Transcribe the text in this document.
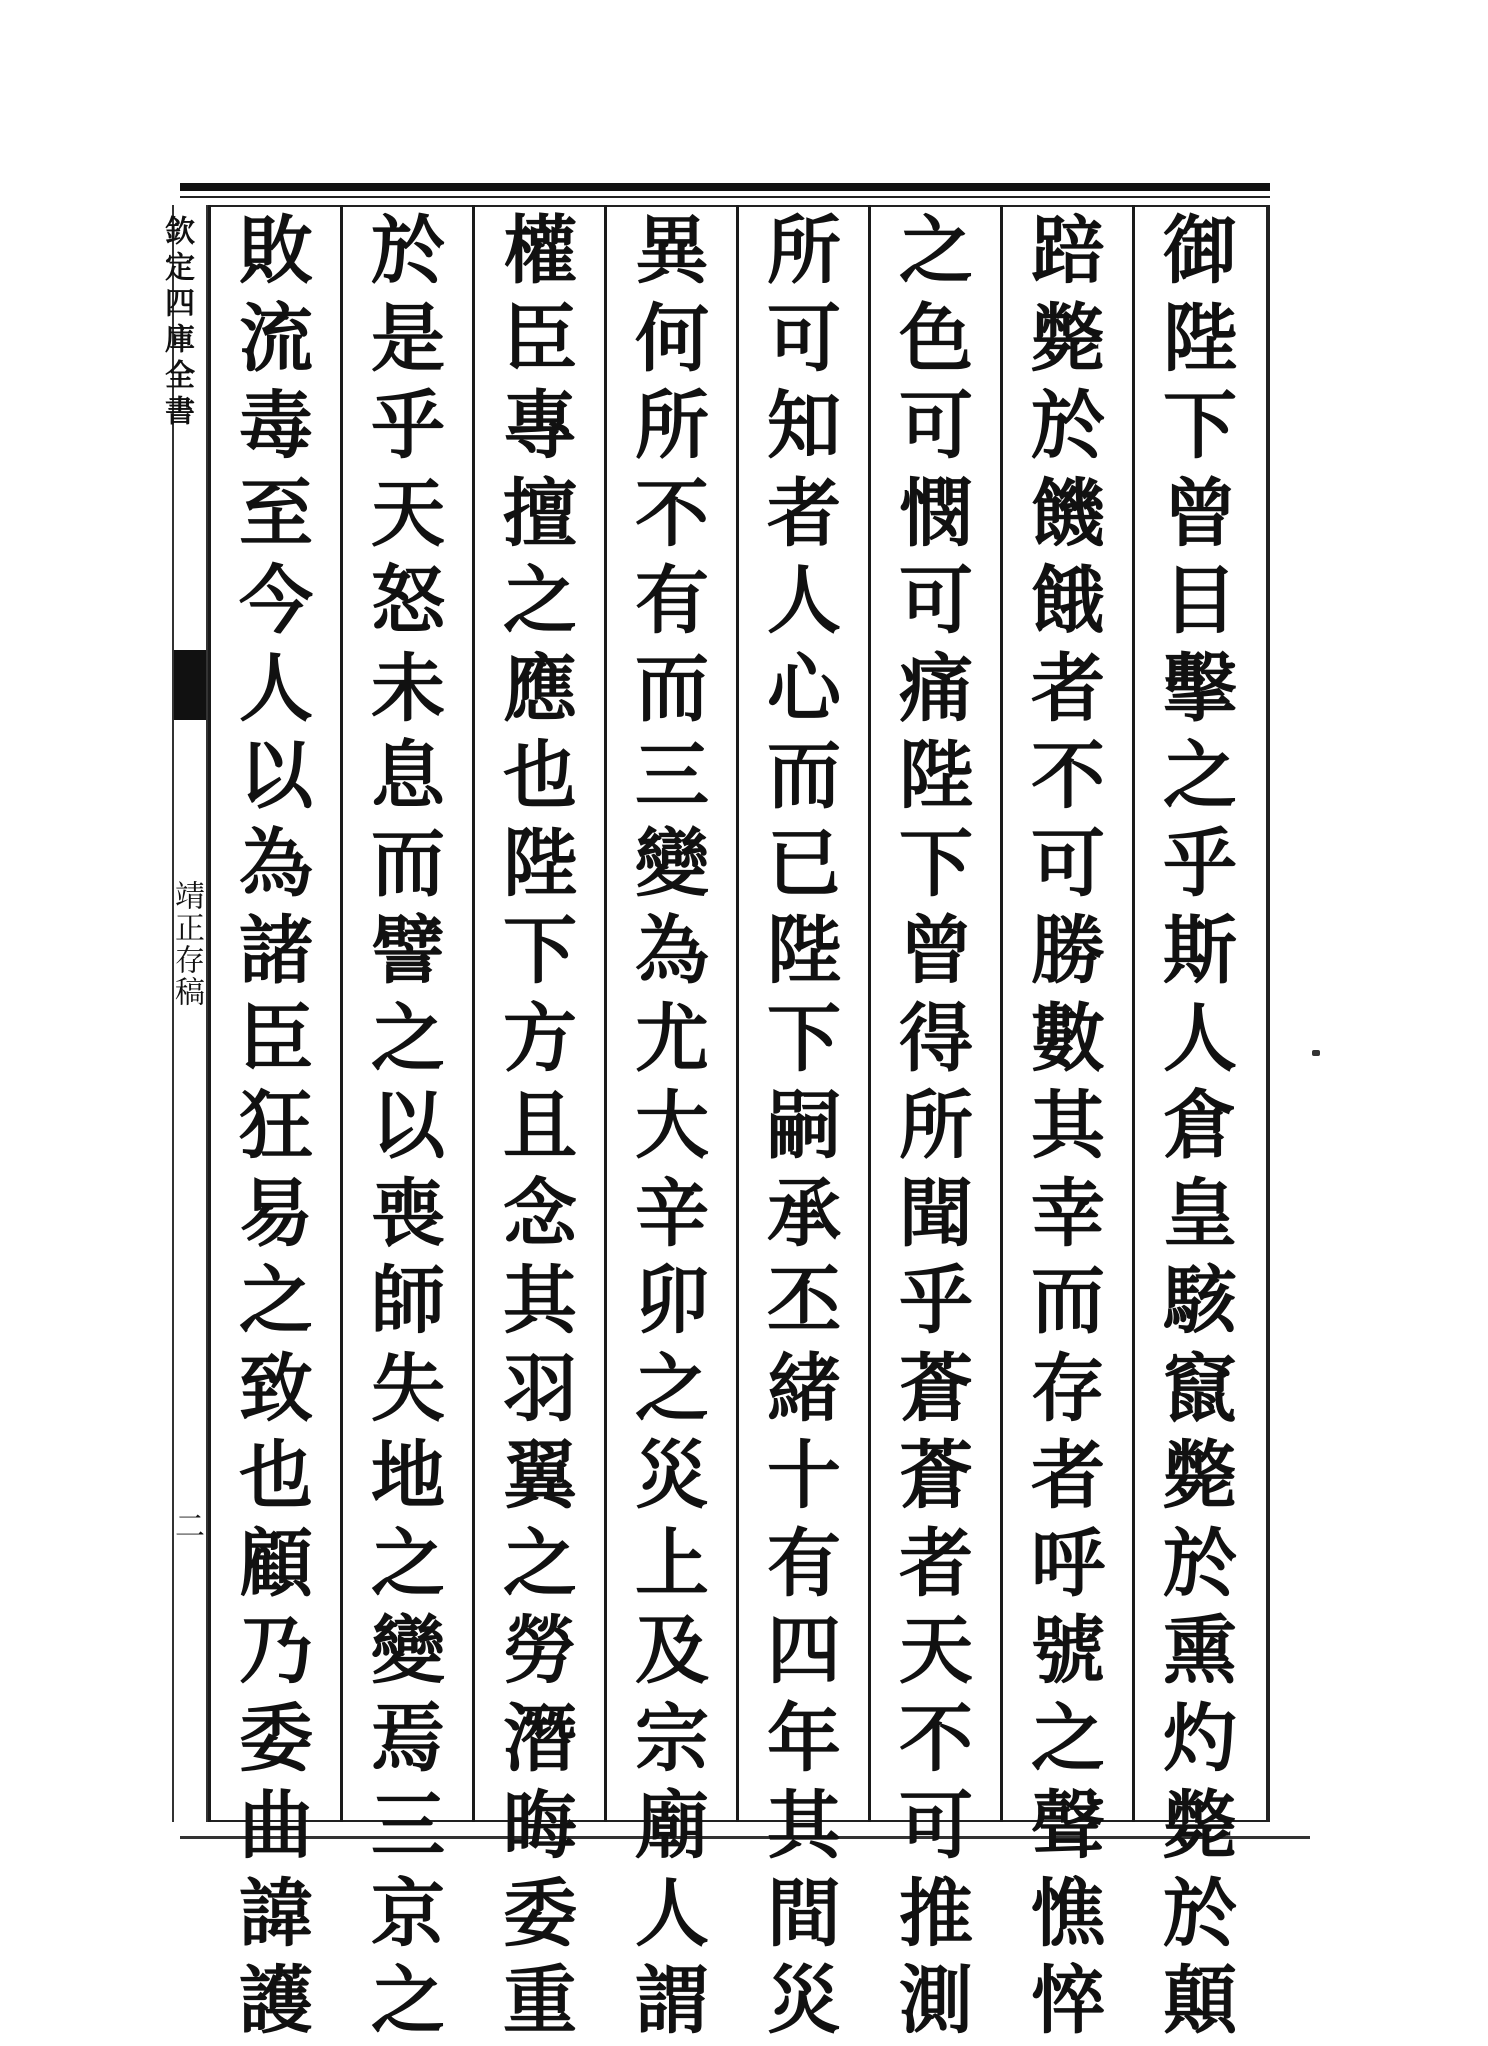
欽定四庫全書
靖正存稿
二
御
陛
下
曾
目
擊
之
乎
斯
人
倉
皇
駭
竄
斃
於
熏
灼
斃
於
顛
踣
斃
於
饑
餓
者
不
可
勝
數
其
幸
而
存
者
呼
號
之
聲
憔
悴
之
色
可
憫
可
痛
陛
下
曾
得
所
聞
乎
蒼
蒼
者
天
不
可
推
測
所
可
知
者
人
心
而
已
陛
下
嗣
承
丕
緒
十
有
四
年
其
間
災
異
何
所
不
有
而
三
變
為
尤
大
辛
卯
之
災
上
及
宗
廟
人
謂
權
臣
專
擅
之
應
也
陛
下
方
且
念
其
羽
翼
之
勞
潛
晦
委
重
於
是
乎
天
怒
未
息
而
譬
之
以
喪
師
失
地
之
變
焉
三
京
之
敗
流
毒
至
今
人
以
為
諸
臣
狂
易
之
致
也
顧
乃
委
曲
諱
護
